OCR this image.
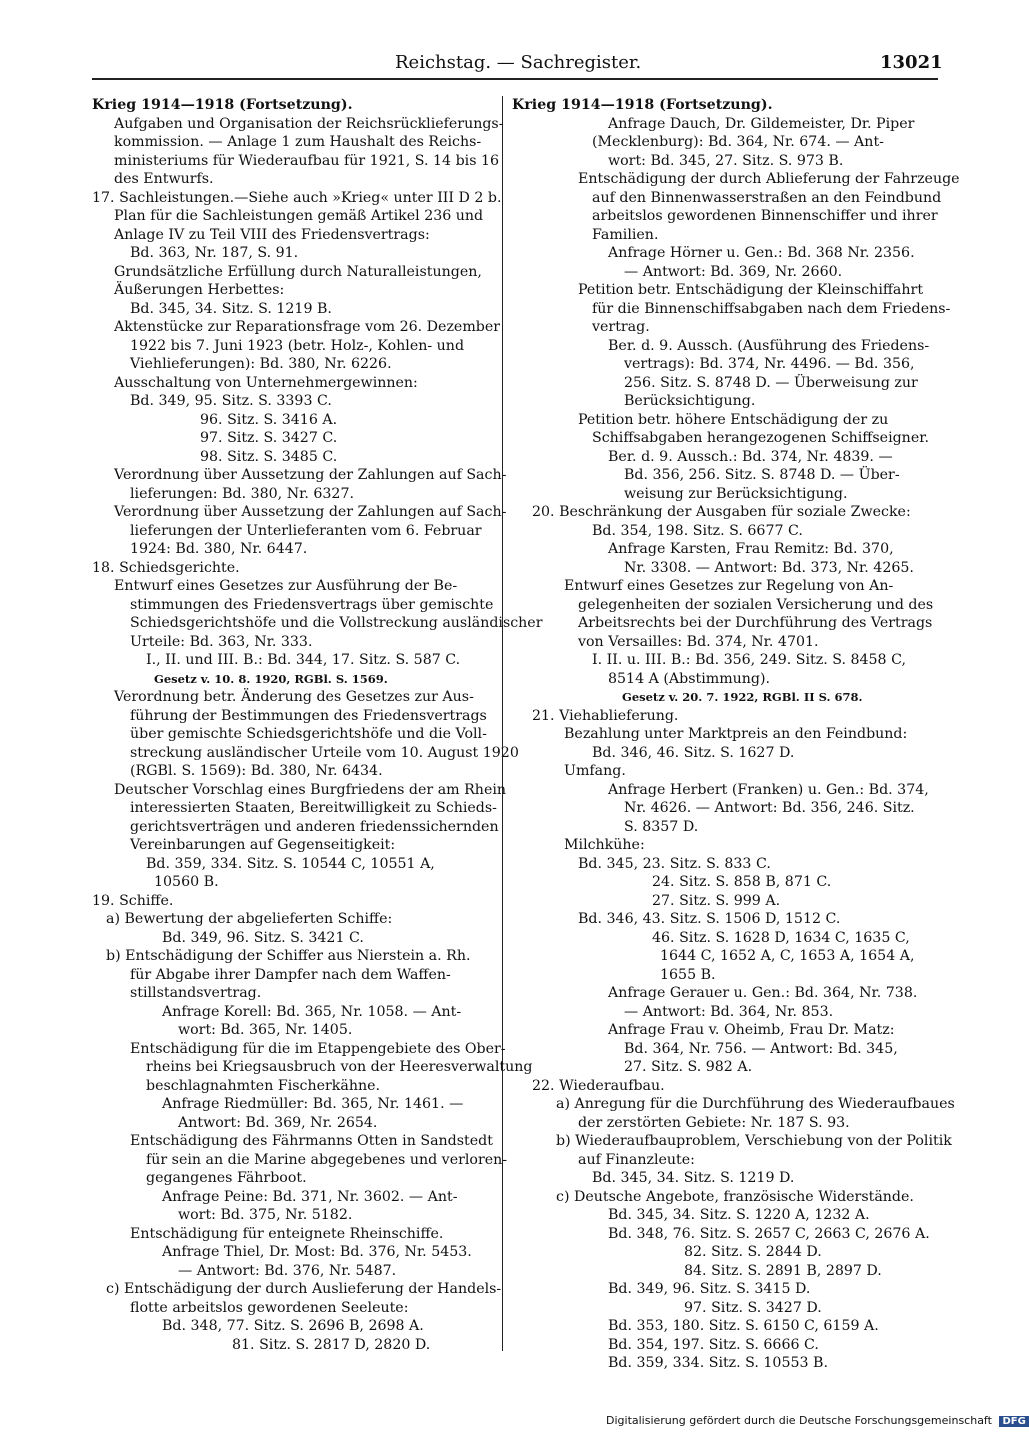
Reichstag. — Sachregister.	13021
Krieg 1914—1918 (Fortsetzung).
Aufgaben und Organisation der Reichsrücklieferungs-
kommission. — Anlage 1 zum Haushalt des Reichs-
ministeriums für Wiederaufbau für 1921, S. 14 bis 16
des Entwurfs.
17. Sachleistungen.—Siehe auch »Krieg« unter III D 2 b.
Plan für die Sachleistungen gemäß Artikel 236 und
Anlage IV zu Teil VIII des Friedensvertrags:
Bd. 363, Nr. 187, S. 91.
Grundsätzliche Erfüllung durch Naturalleistungen,
Äußerungen Herbettes:
Bd. 345, 34. Sitz. S. 1219 B.
Aktenstücke zur Reparationsfrage vom 26. Dezember
1922 bis 7. Juni 1923 (betr. Holz-, Kohlen- und
Viehlieferungen): Bd. 380, Nr. 6226.
Ausschaltung von Unternehmergewinnen:
Bd. 349, 95. Sitz. S. 3393 C.
96. Sitz. S. 3416 A.
97. Sitz. S. 3427 C.
98. Sitz. S. 3485 C.
Verordnung über Aussetzung der Zahlungen auf Sach-
lieferungen: Bd. 380, Nr. 6327.
Verordnung über Aussetzung der Zahlungen auf Sach-
lieferungen der Unterlieferanten vom 6. Februar
1924: Bd. 380, Nr. 6447.
18. Schiedsgerichte.
Entwurf eines Gesetzes zur Ausführung der Be-
stimmungen des Friedensvertrags über gemischte
Schiedsgerichtshöfe und die Vollstreckung ausländischer
Urteile: Bd. 363, Nr. 333.
I., II. und III. B.: Bd. 344, 17. Sitz. S. 587 C.
Gesetz v. 10. 8. 1920, RGBl. S. 1569.
Verordnung betr. Änderung des Gesetzes zur Aus-
führung der Bestimmungen des Friedensvertrags
über gemischte Schiedsgerichtshöfe und die Voll-
streckung ausländischer Urteile vom 10. August 1920
(RGBl. S. 1569): Bd. 380, Nr. 6434.
Deutscher Vorschlag eines Burgfriedens der am Rhein
interessierten Staaten, Bereitwilligkeit zu Schieds-
gerichtsverträgen und anderen friedenssichernden
Vereinbarungen auf Gegenseitigkeit:
Bd. 359, 334. Sitz. S. 10544 C, 10551 A,
10560 B.
19. Schiffe.
a) Bewertung der abgelieferten Schiffe:
Bd. 349, 96. Sitz. S. 3421 C.
b) Entschädigung der Schiffer aus Nierstein a. Rh.
für Abgabe ihrer Dampfer nach dem Waffen-
stillstandsvertrag.
Anfrage Korell: Bd. 365, Nr. 1058. — Ant-
wort: Bd. 365, Nr. 1405.
Entschädigung für die im Etappengebiete des Ober-
rheins bei Kriegsausbruch von der Heeresverwaltung
beschlagnahmten Fischerkähne.
Anfrage Riedmüller: Bd. 365, Nr. 1461. —
Antwort: Bd. 369, Nr. 2654.
Entschädigung des Fährmanns Otten in Sandstedt
für sein an die Marine abgegebenes und verloren-
gegangenes Fährboot.
Anfrage Peine: Bd. 371, Nr. 3602. — Ant-
wort: Bd. 375, Nr. 5182.
Entschädigung für enteignete Rheinschiffe.
Anfrage Thiel, Dr. Most: Bd. 376, Nr. 5453.
— Antwort: Bd. 376, Nr. 5487.
c) Entschädigung der durch Auslieferung der Handels-
flotte arbeitslos gewordenen Seeleute:
Bd. 348, 77. Sitz. S. 2696 B, 2698 A.
81. Sitz. S. 2817 D, 2820 D.
Krieg 1914—1918 (Fortsetzung).
Anfrage Dauch, Dr. Gildemeister, Dr. Piper
(Mecklenburg): Bd. 364, Nr. 674. — Ant-
wort: Bd. 345, 27. Sitz. S. 973 B.
Entschädigung der durch Ablieferung der Fahrzeuge
auf den Binnenwasserstraßen an den Feindbund
arbeitslos gewordenen Binnenschiffer und ihrer
Familien.
Anfrage Hörner u. Gen.: Bd. 368 Nr. 2356.
— Antwort: Bd. 369, Nr. 2660.
Petition betr. Entschädigung der Kleinschiffahrt
für die Binnenschiffsabgaben nach dem Friedens-
vertrag.
Ber. d. 9. Aussch. (Ausführung des Friedens-
vertrags): Bd. 374, Nr. 4496. — Bd. 356,
256. Sitz. S. 8748 D. — Überweisung zur
Berücksichtigung.
Petition betr. höhere Entschädigung der zu
Schiffsabgaben herangezogenen Schiffseigner.
Ber. d. 9. Aussch.: Bd. 374, Nr. 4839. —
Bd. 356, 256. Sitz. S. 8748 D. — Über-
weisung zur Berücksichtigung.
20. Beschränkung der Ausgaben für soziale Zwecke:
Bd. 354, 198. Sitz. S. 6677 C.
Anfrage Karsten, Frau Remitz: Bd. 370,
Nr. 3308. — Antwort: Bd. 373, Nr. 4265.
Entwurf eines Gesetzes zur Regelung von An-
gelegenheiten der sozialen Versicherung und des
Arbeitsrechts bei der Durchführung des Vertrags
von Versailles: Bd. 374, Nr. 4701.
I. II. u. III. B.: Bd. 356, 249. Sitz. S. 8458 C,
8514 A (Abstimmung).
Gesetz v. 20. 7. 1922, RGBl. II S. 678.
21. Viehablieferung.
Bezahlung unter Marktpreis an den Feindbund:
Bd. 346, 46. Sitz. S. 1627 D.
Umfang.
Anfrage Herbert (Franken) u. Gen.: Bd. 374,
Nr. 4626. — Antwort: Bd. 356, 246. Sitz.
S. 8357 D.
Milchkühe:
Bd. 345, 23. Sitz. S. 833 C.
24. Sitz. S. 858 B, 871 C.
27. Sitz. S. 999 A.
Bd. 346, 43. Sitz. S. 1506 D, 1512 C.
46. Sitz. S. 1628 D, 1634 C, 1635 C,
1644 C, 1652 A, C, 1653 A, 1654 A,
1655 B.
Anfrage Gerauer u. Gen.: Bd. 364, Nr. 738.
— Antwort: Bd. 364, Nr. 853.
Anfrage Frau v. Oheimb, Frau Dr. Matz:
Bd. 364, Nr. 756. — Antwort: Bd. 345,
27. Sitz. S. 982 A.
22. Wiederaufbau.
a) Anregung für die Durchführung des Wiederaufbaues
der zerstörten Gebiete: Nr. 187 S. 93.
b) Wiederaufbauproblem, Verschiebung von der Politik
auf Finanzleute:
Bd. 345, 34. Sitz. S. 1219 D.
c) Deutsche Angebote, französische Widerstände.
Bd. 345, 34. Sitz. S. 1220 A, 1232 A.
Bd. 348, 76. Sitz. S. 2657 C, 2663 C, 2676 A.
82. Sitz. S. 2844 D.
84. Sitz. S. 2891 B, 2897 D.
Bd. 349, 96. Sitz. S. 3415 D.
97. Sitz. S. 3427 D.
Bd. 353, 180. Sitz. S. 6150 C, 6159 A.
Bd. 354, 197. Sitz. S. 6666 C.
Bd. 359, 334. Sitz. S. 10553 B.
Digitalisierung gefördert durch die Deutsche Forschungsgemeinschaft DFG
